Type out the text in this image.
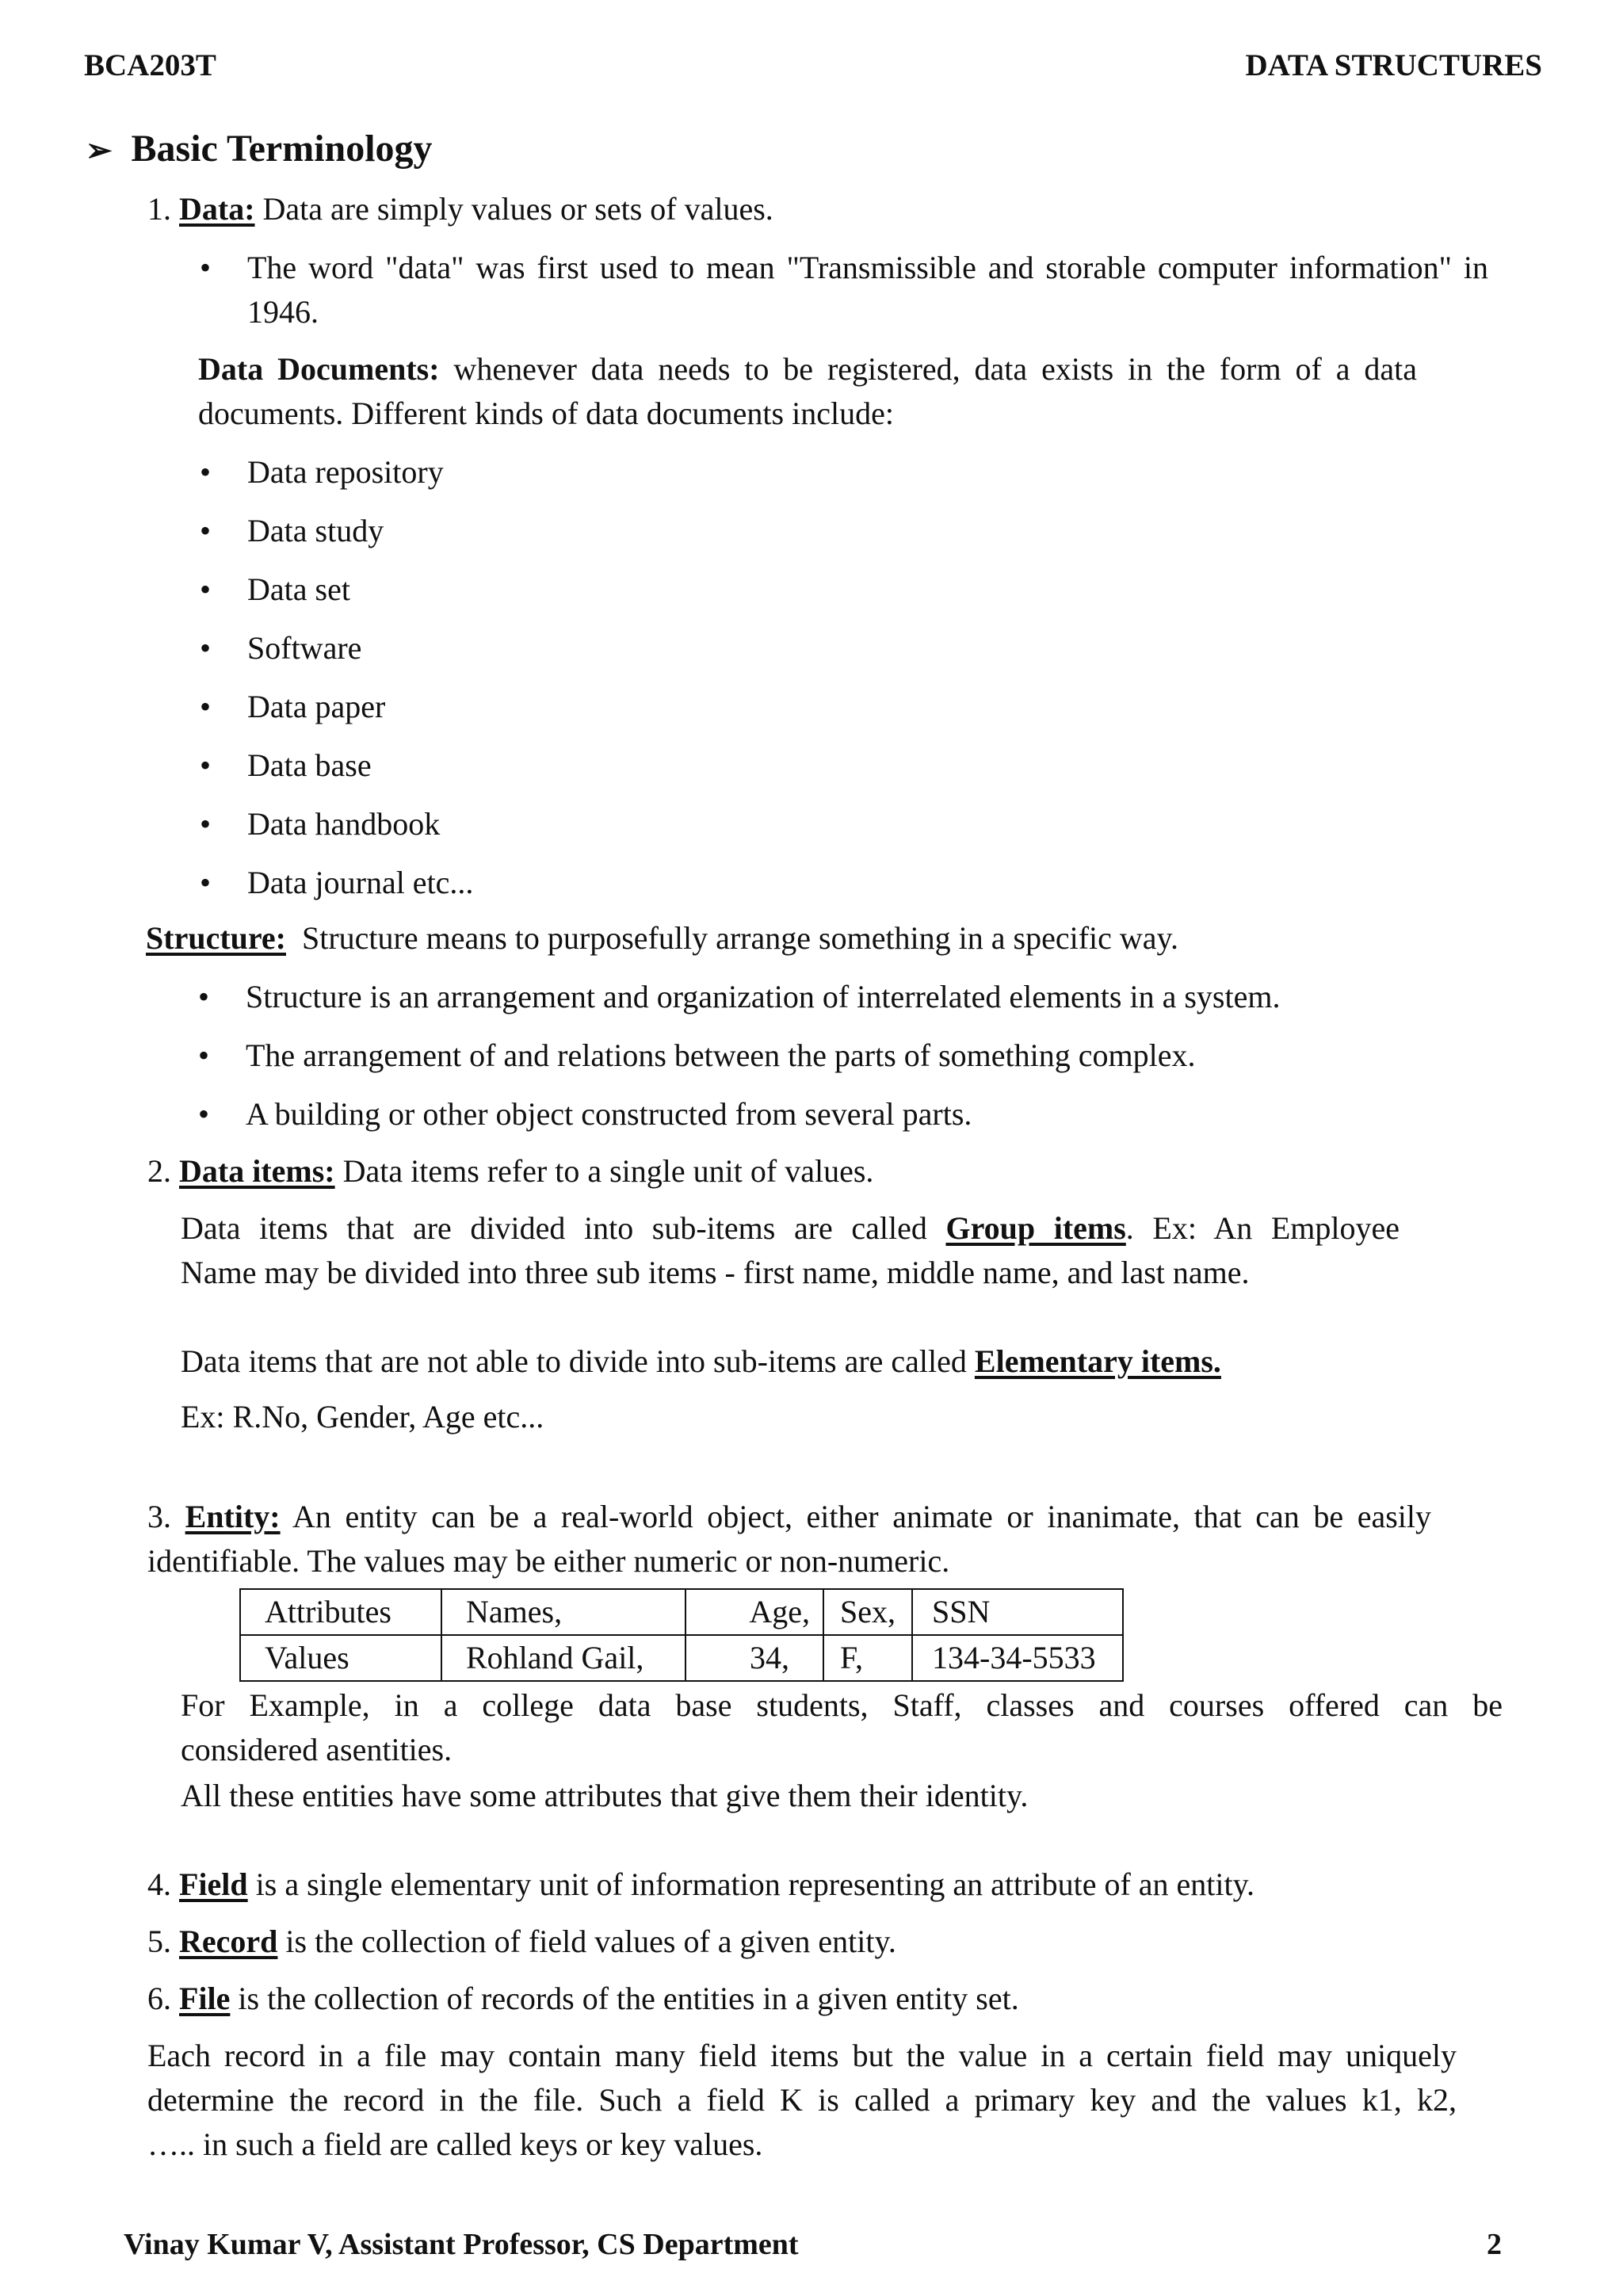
BCA203T	DATA STRUCTURES
➢ Basic Terminology
1. Data: Data are simply values or sets of values.
The word "data" was first used to mean "Transmissible and storable computer information" in
1946.
Data Documents: whenever data needs to be registered, data exists in the form of a data
documents. Different kinds of data documents include:
• Data repository
• Data study
• Data set
• Software
• Data paper
• Data base
• Data handbook
• Data journal etc...
Structure:  Structure means to purposefully arrange something in a specific way.
• Structure is an arrangement and organization of interrelated elements in a system.
• The arrangement of and relations between the parts of something complex.
• A building or other object constructed from several parts.
2. Data items: Data items refer to a single unit of values.
Data items that are divided into sub-items are called Group items. Ex: An Employee
Name may be divided into three sub items - first name, middle name, and last name.
Data items that are not able to divide into sub-items are called Elementary items.
Ex: R.No, Gender, Age etc...
3. Entity: An entity can be a real-world object, either animate or inanimate, that can be easily
identifiable. The values may be either numeric or non-numeric.
Attributes	Names,	Age,	Sex,	SSN
Values	Rohland Gail,	34,	F,	134-34-5533
For Example, in a college data base students, Staff, classes and courses offered can be
considered asentities.
All these entities have some attributes that give them their identity.
4. Field is a single elementary unit of information representing an attribute of an entity.
5. Record is the collection of field values of a given entity.
6. File is the collection of records of the entities in a given entity set.
Each record in a file may contain many field items but the value in a certain field may uniquely
determine the record in the file. Such a field K is called a primary key and the values k1, k2,
….. in such a field are called keys or key values.
Vinay Kumar V, Assistant Professor, CS Department	2
